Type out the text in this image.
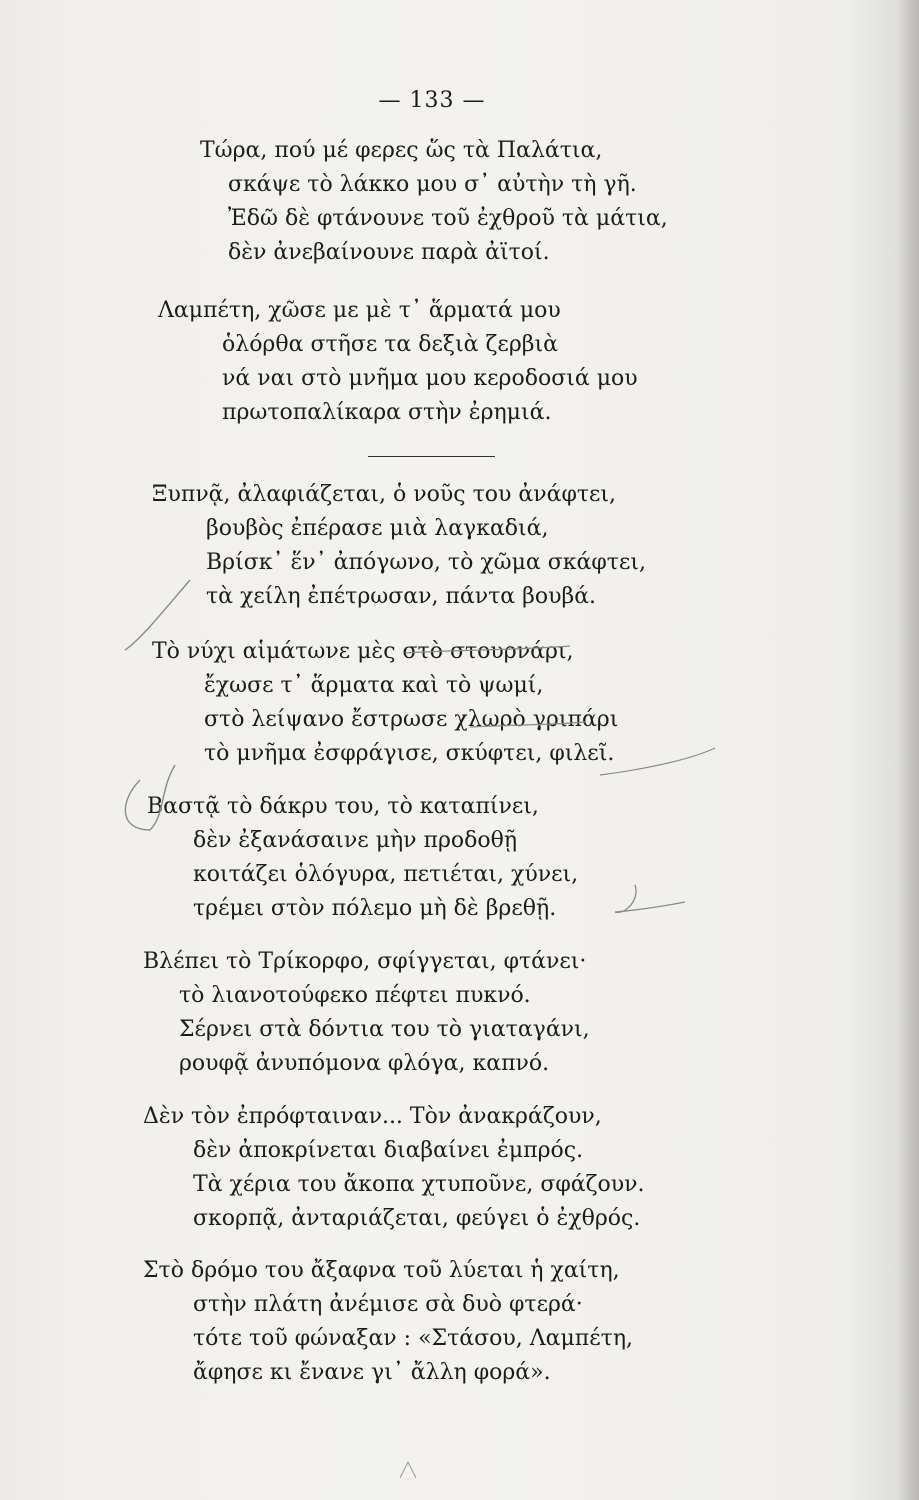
— 133 —
Τώρα, πού μέ φερες ὥς τὰ Παλάτια,
σκάψε τὸ λάκκο μου σ᾿ αὐτὴν τὴ γῆ.
Ἐδῶ δὲ φτάνουνε τοῦ ἐχθροῦ τὰ μάτια,
δὲν ἀνεβαίνουνε παρὰ ἀϊτοί.
Λαμπέτη, χῶσε με μὲ τ᾿ ἅρματά μου
ὁλόρθα στῆσε τα δεξιὰ ζερβιὰ
νά ναι στὸ μνῆμα μου κεροδοσιά μου
πρωτοπαλίκαρα στὴν ἐρημιά.
Ξυπνᾷ, ἀλαφιάζεται, ὁ νοῦς του ἀνάφτει,
βουβὸς ἐπέρασε μιὰ λαγκαδιά,
Βρίσκ᾿ ἕν᾿ ἀπόγωνο, τὸ χῶμα σκάφτει,
τὰ χείλη ἐπέτρωσαν, πάντα βουβά.
Τὸ νύχι αἱμάτωνε μὲς στὸ στουρνάρι,
ἔχωσε τ᾿ ἅρματα καὶ τὸ ψωμί,
στὸ λείψανο ἔστρωσε χλωρὸ γριπάρι
τὸ μνῆμα ἐσφράγισε, σκύφτει, φιλεῖ.
Βαστᾷ τὸ δάκρυ του, τὸ καταπίνει,
δὲν ἐξανάσαινε μὴν προδοθῇ
κοιτάζει ὁλόγυρα, πετιέται, χύνει,
τρέμει στὸν πόλεμο μὴ δὲ βρεθῇ.
Βλέπει τὸ Τρίκορφο, σφίγγεται, φτάνει·
τὸ λιανοτούφεκο πέφτει πυκνό.
Σέρνει στὰ δόντια του τὸ γιαταγάνι,
ρουφᾷ ἀνυπόμονα φλόγα, καπνό.
Δὲν τὸν ἐπρόφταιναν... Τὸν ἀνακράζουν,
δὲν ἀποκρίνεται διαβαίνει ἐμπρός.
Τὰ χέρια του ἄκοπα χτυποῦνε, σφάζουν.
σκορπᾷ, ἀνταριάζεται, φεύγει ὁ ἐχθρός.
Στὸ δρόμο του ἄξαφνα τοῦ λύεται ἡ χαίτη,
στὴν πλάτη ἀνέμισε σὰ δυὸ φτερά·
τότε τοῦ φώναξαν : «Στάσου, Λαμπέτη,
ἄφησε κι ἔνανε γι᾿ ἄλλη φορά».
